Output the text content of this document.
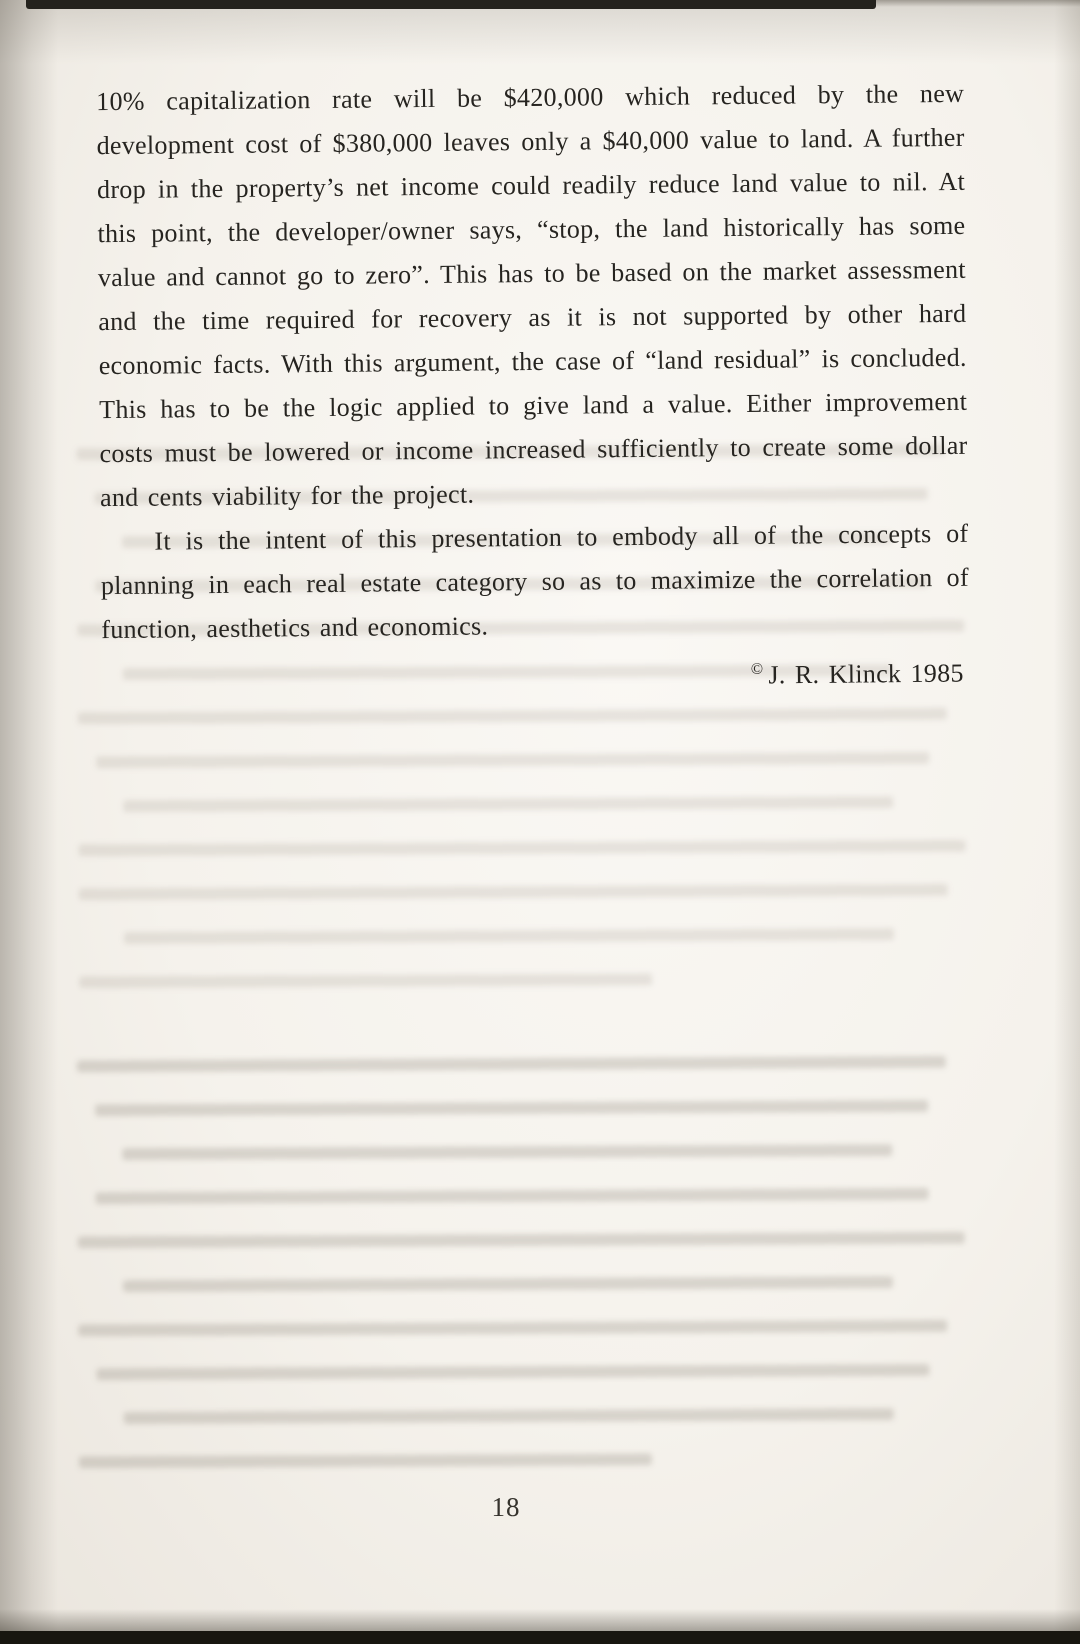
10% capitalization rate will be $420,000 which reduced by the new development cost of $380,000 leaves only a $40,000 value to land. A further drop in the property’s net income could readily reduce land value to nil. At this point, the developer/owner says, “stop, the land historically has some value and cannot go to zero”. This has to be based on the market assessment and the time required for recovery as it is not supported by other hard economic facts. With this argument, the case of “land residual” is concluded. This has to be the logic applied to give land a value. Either improvement costs must be lowered or income increased sufficiently to create some dollar and cents viability for the project.

It is the intent of this presentation to embody all of the concepts of planning in each real estate category so as to maximize the correlation of function, aesthetics and economics.

© J. R. Klinck 1985

18
